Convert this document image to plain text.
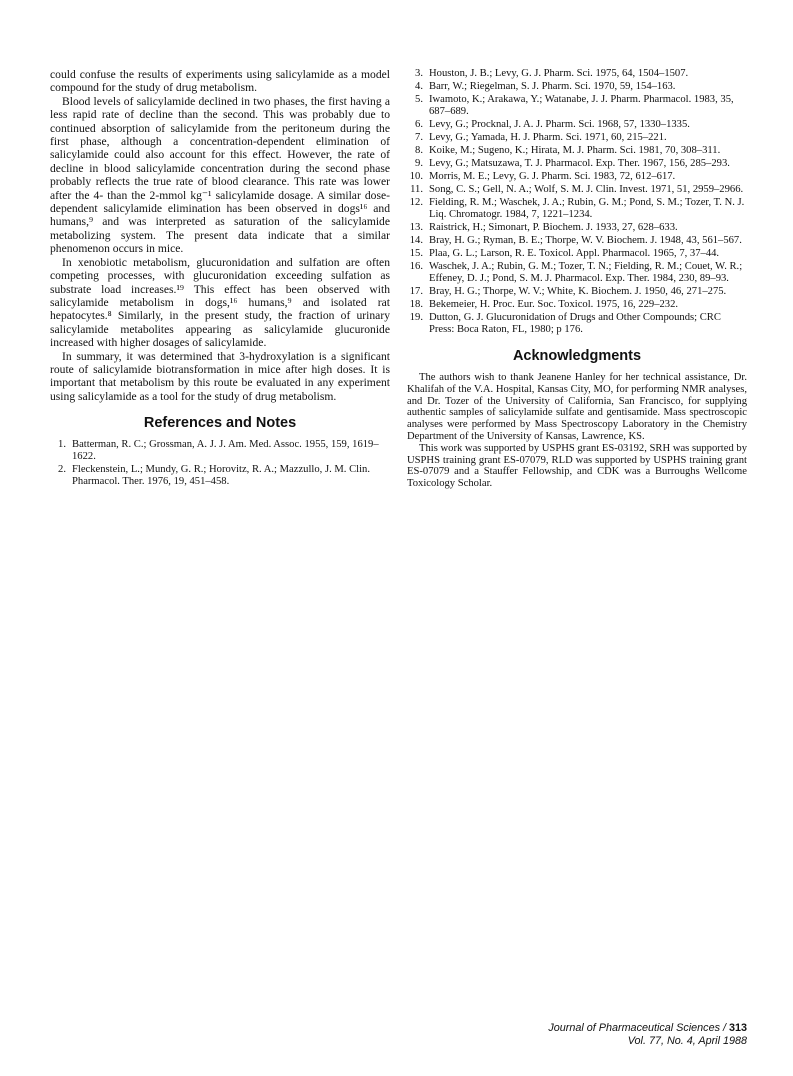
could confuse the results of experiments using salicylamide as a model compound for the study of drug metabolism.

Blood levels of salicylamide declined in two phases, the first having a less rapid rate of decline than the second. This was probably due to continued absorption of salicylamide from the peritoneum during the first phase, although a concentration-dependent elimination of salicylamide could also account for this effect. However, the rate of decline in blood salicylamide concentration during the second phase probably reflects the true rate of blood clearance. This rate was lower after the 4- than the 2-mmol kg⁻¹ salicylamide dosage. A similar dose-dependent salicylamide elimination has been observed in dogs¹⁶ and humans,⁹ and was interpreted as saturation of the salicylamide metabolizing system. The present data indicate that a similar phenomenon occurs in mice.

In xenobiotic metabolism, glucuronidation and sulfation are often competing processes, with glucuronidation exceeding sulfation as substrate load increases.¹⁹ This effect has been observed with salicylamide metabolism in dogs,¹⁶ humans,⁹ and isolated rat hepatocytes.⁸ Similarly, in the present study, the fraction of urinary salicylamide metabolites appearing as salicylamide glucuronide increased with higher dosages of salicylamide.

In summary, it was determined that 3-hydroxylation is a significant route of salicylamide biotransformation in mice after high doses. It is important that metabolism by this route be evaluated in any experiment using salicylamide as a tool for the study of drug metabolism.

References and Notes
1. Batterman, R. C.; Grossman, A. J. J. Am. Med. Assoc. 1955, 159, 1619–1622.
2. Fleckenstein, L.; Mundy, G. R.; Horovitz, R. A.; Mazzullo, J. M. Clin. Pharmacol. Ther. 1976, 19, 451–458.
3. Houston, J. B.; Levy, G. J. Pharm. Sci. 1975, 64, 1504–1507.
4. Barr, W.; Riegelman, S. J. Pharm. Sci. 1970, 59, 154–163.
5. Iwamoto, K.; Arakawa, Y.; Watanabe, J. J. Pharm. Pharmacol. 1983, 35, 687–689.
6. Levy, G.; Procknal, J. A. J. Pharm. Sci. 1968, 57, 1330–1335.
7. Levy, G.; Yamada, H. J. Pharm. Sci. 1971, 60, 215–221.
8. Koike, M.; Sugeno, K.; Hirata, M. J. Pharm. Sci. 1981, 70, 308–311.
9. Levy, G.; Matsuzawa, T. J. Pharmacol. Exp. Ther. 1967, 156, 285–293.
10. Morris, M. E.; Levy, G. J. Pharm. Sci. 1983, 72, 612–617.
11. Song, C. S.; Gell, N. A.; Wolf, S. M. J. Clin. Invest. 1971, 51, 2959–2966.
12. Fielding, R. M.; Waschek, J. A.; Rubin, G. M.; Pond, S. M.; Tozer, T. N. J. Liq. Chromatogr. 1984, 7, 1221–1234.
13. Raistrick, H.; Simonart, P. Biochem. J. 1933, 27, 628–633.
14. Bray, H. G.; Ryman, B. E.; Thorpe, W. V. Biochem. J. 1948, 43, 561–567.
15. Plaa, G. L.; Larson, R. E. Toxicol. Appl. Pharmacol. 1965, 7, 37–44.
16. Waschek, J. A.; Rubin, G. M.; Tozer, T. N.; Fielding, R. M.; Couet, W. R.; Effeney, D. J.; Pond, S. M. J. Pharmacol. Exp. Ther. 1984, 230, 89–93.
17. Bray, H. G.; Thorpe, W. V.; White, K. Biochem. J. 1950, 46, 271–275.
18. Bekemeier, H. Proc. Eur. Soc. Toxicol. 1975, 16, 229–232.
19. Dutton, G. J. Glucuronidation of Drugs and Other Compounds; CRC Press: Boca Raton, FL, 1980; p 176.
Acknowledgments

The authors wish to thank Jeanene Hanley for her technical assistance, Dr. Khalifah of the V.A. Hospital, Kansas City, MO, for performing NMR analyses, and Dr. Tozer of the University of California, San Francisco, for supplying authentic samples of salicylamide sulfate and gentisamide. Mass spectroscopic analyses were performed by Mass Spectroscopy Laboratory in the Chemistry Department of the University of Kansas, Lawrence, KS.

This work was supported by USPHS grant ES-03192, SRH was supported by USPHS training grant ES-07079, RLD was supported by USPHS training grant ES-07079 and a Stauffer Fellowship, and CDK was a Burroughs Wellcome Toxicology Scholar.

Journal of Pharmaceutical Sciences / 313
Vol. 77, No. 4, April 1988
